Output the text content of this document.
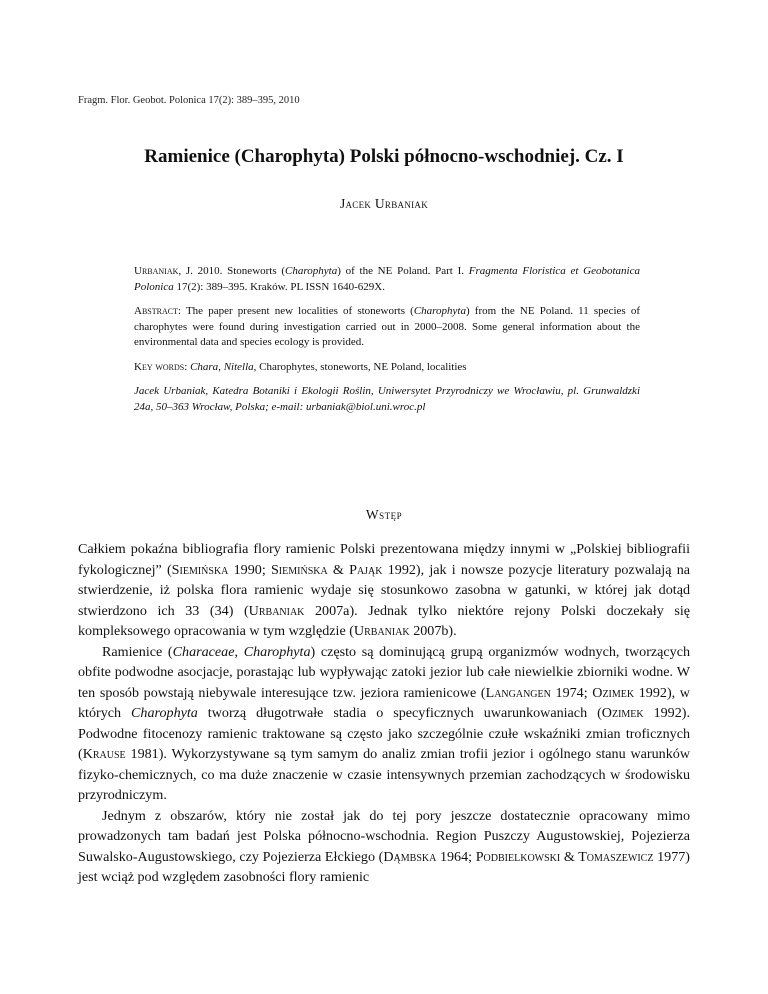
Fragm. Flor. Geobot. Polonica 17(2): 389–395, 2010
Ramienice (Charophyta) Polski północno-wschodniej. Cz. I
Jacek Urbaniak

Urbaniak, J. 2010. Stoneworts (Charophyta) of the NE Poland. Part I. Fragmenta Floristica et Geobotanica Polonica 17(2): 389–395. Kraków. PL ISSN 1640-629X.

Abstract: The paper present new localities of stoneworts (Charophyta) from the NE Poland. 11 species of charophytes were found during investigation carried out in 2000–2008. Some general information about the environmental data and species ecology is provided.

Key words: Chara, Nitella, Charophytes, stoneworts, NE Poland, localities

Jacek Urbaniak, Katedra Botaniki i Ekologii Roślin, Uniwersytet Przyrodniczy we Wrocławiu, pl. Grunwaldzki 24a, 50–363 Wrocław, Polska; e-mail: urbaniak@biol.uni.wroc.pl

Wstęp

Całkiem pokaźna bibliografia flory ramienic Polski prezentowana między innymi w „Polskiej bibliografii fykologicznej” (Siemińska 1990; Siemińska & Pająk 1992), jak i nowsze pozycje literatury pozwalają na stwierdzenie, iż polska flora ramienic wydaje się stosunkowo zasobna w gatunki, w której jak dotąd stwierdzono ich 33 (34) (Urbaniak 2007a). Jednak tylko niektóre rejony Polski doczekały się kompleksowego opracowania w tym względzie (Urbaniak 2007b).

Ramienice (Characeae, Charophyta) często są dominującą grupą organizmów wodnych, tworzących obfite podwodne asocjacje, porastając lub wypływając zatoki jezior lub całe niewielkie zbiorniki wodne. W ten sposób powstają niebywale interesujące tzw. jeziora ramienicowe (Langangen 1974; Ozimek 1992), w których Charophyta tworzą długotrwałe stadia o specyficznych uwarunkowaniach (Ozimek 1992). Podwodne fitocenozy ramienic traktowane są często jako szczególnie czułe wskaźniki zmian troficznych (Krause 1981). Wykorzystywane są tym samym do analiz zmian trofii jezior i ogólnego stanu warunków fizyko-chemicznych, co ma duże znaczenie w czasie intensywnych przemian zachodzących w środowisku przyrodniczym.

Jednym z obszarów, który nie został jak do tej pory jeszcze dostatecznie opracowany mimo prowadzonych tam badań jest Polska północno-wschodnia. Region Puszczy Augustowskiej, Pojezierza Suwalsko-Augustowskiego, czy Pojezierza Ełckiego (Dąmbska 1964; Podbielkowski & Tomaszewicz 1977) jest wciąż pod względem zasobności flory ramienic
